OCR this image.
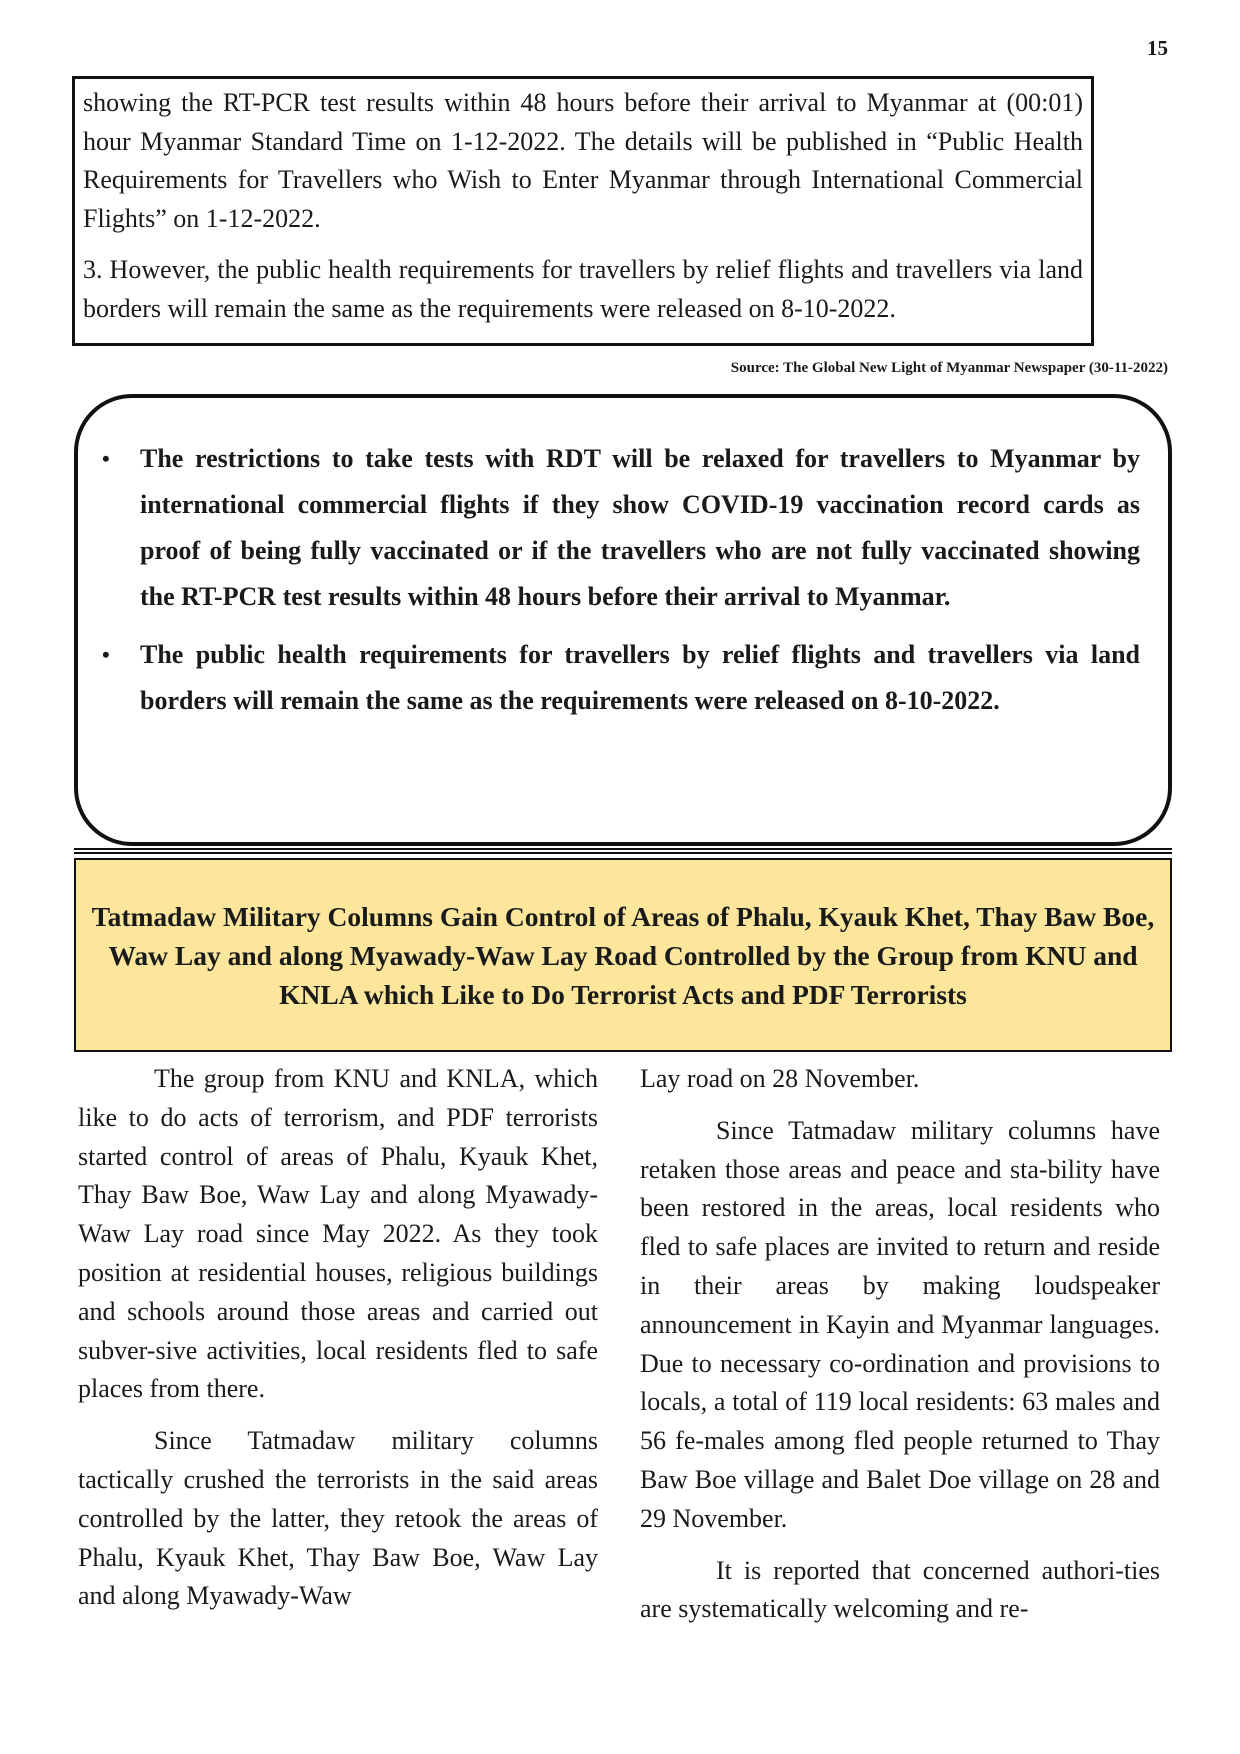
15

showing the RT-PCR test results within 48 hours before their arrival to Myanmar at (00:01) hour Myanmar Standard Time on 1-12-2022. The details will be published in “Public Health Requirements for Travellers who Wish to Enter Myanmar through International Commercial Flights” on 1-12-2022.

3. However, the public health requirements for travellers by relief flights and travellers via land borders will remain the same as the requirements were released on 8-10-2022.

Source: The Global New Light of Myanmar Newspaper (30-11-2022)
• The restrictions to take tests with RDT will be relaxed for travellers to Myanmar by international commercial flights if they show COVID-19 vaccination record cards as proof of being fully vaccinated or if the travellers who are not fully vaccinated showing the RT-PCR test results within 48 hours before their arrival to Myanmar.
• The public health requirements for travellers by relief flights and travellers via land borders will remain the same as the requirements were released on 8-10-2022.
Tatmadaw Military Columns Gain Control of Areas of Phalu, Kyauk Khet, Thay Baw Boe, Waw Lay and along Myawady-Waw Lay Road Controlled by the Group from KNU and KNLA which Like to Do Terrorist Acts and PDF Terrorists

The group from KNU and KNLA, which like to do acts of terrorism, and PDF terrorists started control of areas of Phalu, Kyauk Khet, Thay Baw Boe, Waw Lay and along Myawady-Waw Lay road since May 2022. As they took position at residential houses, religious buildings and schools around those areas and carried out subver-sive activities, local residents fled to safe places from there.

Since Tatmadaw military columns tactically crushed the terrorists in the said areas controlled by the latter, they retook the areas of Phalu, Kyauk Khet, Thay Baw Boe, Waw Lay and along Myawady-Waw

Lay road on 28 November.

Since Tatmadaw military columns have retaken those areas and peace and sta-bility have been restored in the areas, local residents who fled to safe places are invited to return and reside in their areas by making loudspeaker announcement in Kayin and Myanmar languages. Due to necessary co-ordination and provisions to locals, a total of 119 local residents: 63 males and 56 fe-males among fled people returned to Thay Baw Boe village and Balet Doe village on 28 and 29 November.

It is reported that concerned authori-ties are systematically welcoming and re-
